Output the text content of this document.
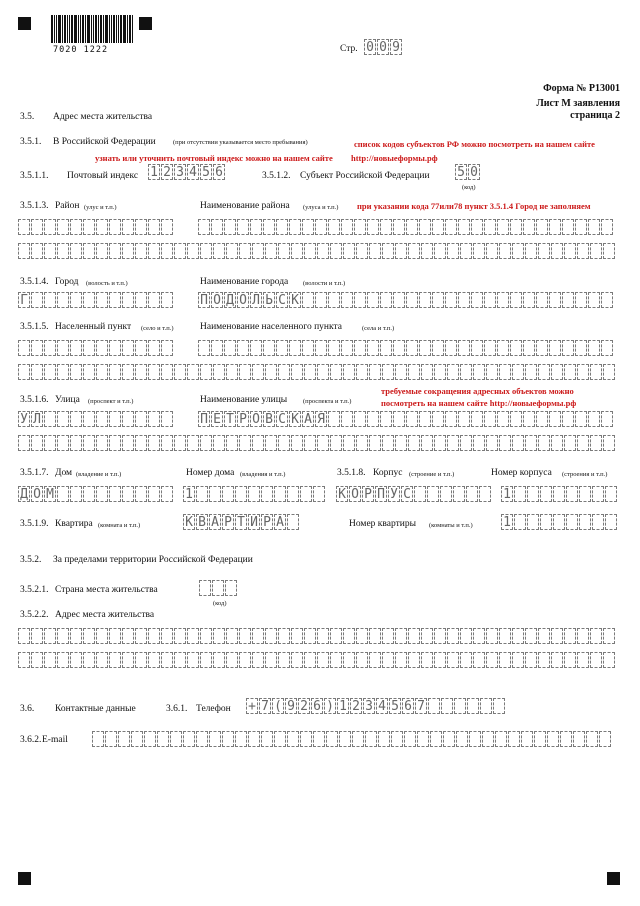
7020 1222	Стр. 0 0 9
Форма № Р13001
Лист М заявления
страница 2
3.5. Адрес места жительства
3.5.1. В Российской Федерации	(при отсутствии указывается место пребывания)	список кодов субъектов РФ можно посмотреть на нашем сайте
узнать или уточнить почтовый индекс можно на нашем сайте http://новыеформы.рф
3.5.1.1. Почтовый индекс 1 2 3 4 5 6	3.5.1.2. Субъект Российской Федерации 5 0
(код)
3.5.1.3. Район (улус и т.п.)	Наименование района (улуса и т.п.) при указании кода 77или78 пункт 3.5.1.4 Город не заполняем
3.5.1.4. Город (волость и т.п.)	Наименование города (волости и т.п.)
Г	П О Д О Л Ь С К
3.5.1.5. Населенный пункт (село и т.п.)	Наименование населенного пункта	(села и т.п.)
3.5.1.6. Улица (проспект и т.п.)	Наименование улицы (проспекта и т.п.)
требуемые сокращения адресных объектов можно
посмотреть на нашем сайте http://новыеформы.рф
У Л	П Е Т Р О В С К А Я
3.5.1.7. Дом (владение и т.п.)	Номер дома (владения и т.п.)	3.5.1.8. Корпус (строение и т.п.)	Номер корпуса (строения и т.п.)
Д О М	1	К О Р П У С	1
3.5.1.9. Квартира (комната и т.п.)	К В А Р Т И Р А	Номер квартиры (комнаты и т.п.) 1
3.5.2. За пределами территории Российской Федерации
3.5.2.1. Страна места жительства
(код)
3.5.2.2. Адрес места жительства
3.6. Контактные данные	3.6.1. Телефон + 7 ( 9 2 6 ) 1 2 3 4 5 6 7
3.6.2. E-mail
